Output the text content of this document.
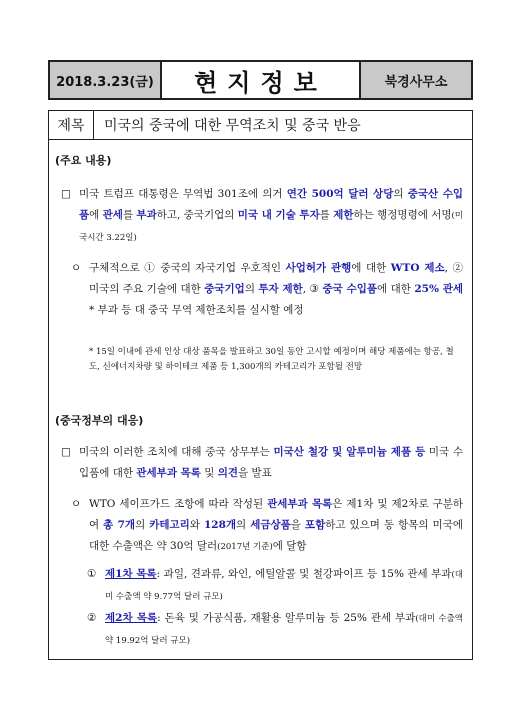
2018.3.23(금)	현지정보	북경사무소
제목	미국의 중국에 대한 무역조치 및 중국 반응
(주요 내용)
□ 미국 트럼프 대통령은 무역법 301조에 의거 연간 500억 달러 상당의 중국산 수입품에 관세를 부과하고, 중국기업의 미국 내 기술 투자를 제한하는 행정명령에 서명(미국시간 3.22일)
ㅇ 구체적으로 ① 중국의 자국기업 우호적인 사업허가 관행에 대한 WTO 제소, ② 미국의 주요 기술에 대한 중국기업의 투자 제한, ③ 중국 수입품에 대한 25% 관세* 부과 등 대 중국 무역 제한조치를 실시할 예정
* 15일 이내에 관세 인상 대상 품목을 발표하고 30일 동안 고시할 예정이며 해당 제품에는 항공, 철도, 신에너지차량 및 하이테크 제품 등 1,300개의 카테고리가 포함될 전망
(중국정부의 대응)
□ 미국의 이러한 조치에 대해 중국 상무부는 미국산 철강 및 알루미늄 제품 등 미국 수입품에 대한 관세부과 목록 및 의견을 발표
ㅇ WTO 세이프가드 조항에 따라 작성된 관세부과 목록은 제1차 및 제2차로 구분하여 총 7개의 카테고리와 128개의 세금상품을 포함하고 있으며 동 항목의 미국에 대한 수출액은 약 30억 달러(2017년 기준)에 달함
① 제1차 목록: 과일, 견과류, 와인, 에틸알콜 및 철강파이프 등 15% 관세 부과(대미 수출액 약 9.77억 달러 규모)
② 제2차 목록: 돈육 및 가공식품, 재활용 알루미늄 등 25% 관세 부과(대미 수출액 약 19.92억 달러 규모)
